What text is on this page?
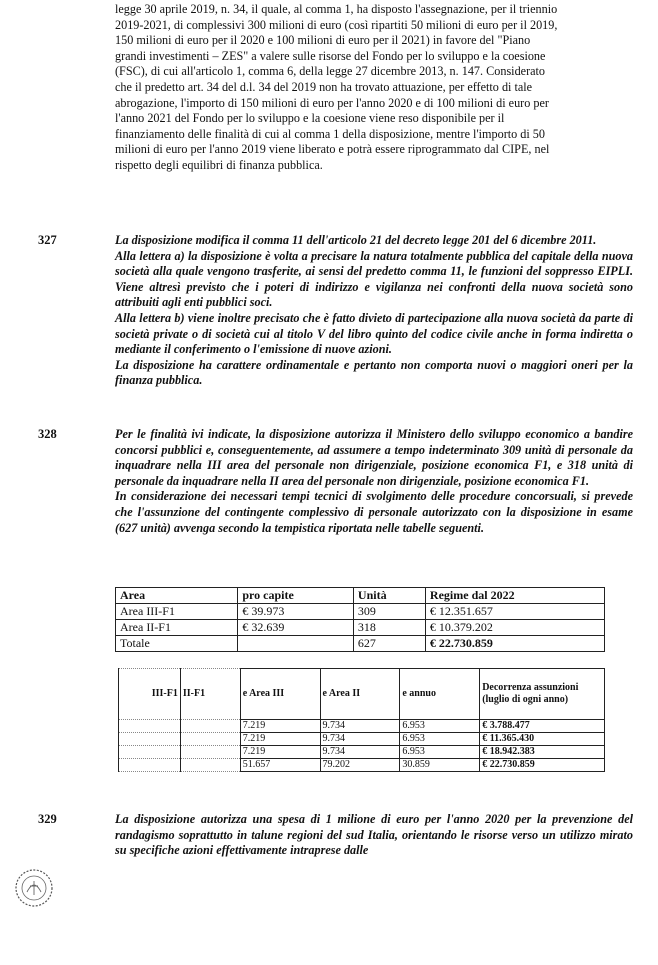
legge 30 aprile 2019, n. 34, il quale, al comma 1, ha disposto l'assegnazione, per il triennio

2019-2021, di complessivi 300 milioni di euro (così ripartiti 50 milioni di euro per il 2019,

150 milioni di euro per il 2020 e 100 milioni di euro per il 2021) in favore del "Piano

grandi investimenti – ZES" a valere sulle risorse del Fondo per lo sviluppo e la coesione

(FSC), di cui all'articolo 1, comma 6, della legge 27 dicembre 2013, n. 147. Considerato

che il predetto art. 34 del d.l. 34 del 2019 non ha trovato attuazione, per effetto di tale

abrogazione, l'importo di 150 milioni di euro per l'anno 2020 e di 100 milioni di euro per

l'anno 2021 del Fondo per lo sviluppo e la coesione viene reso disponibile per il

finanziamento delle finalità di cui al comma 1 della disposizione, mentre l'importo di 50

milioni di euro per l'anno 2019 viene liberato e potrà essere riprogrammato dal CIPE, nel

rispetto degli equilibri di finanza pubblica.

327	La disposizione modifica il comma 11 dell'articolo 21 del decreto legge 201 del 6 dicembre 2011.

Alla lettera a) la disposizione è volta a precisare la natura totalmente pubblica del capitale della nuova società alla quale vengono trasferite, ai sensi del predetto comma 11, le funzioni del soppresso EIPLI. Viene altresì previsto che i poteri di indirizzo e vigilanza nei confronti della nuova società sono attribuiti agli enti pubblici soci.

Alla lettera b) viene inoltre precisato che è fatto divieto di partecipazione alla nuova società da parte di società private o di società cui al titolo V del libro quinto del codice civile anche in forma indiretta o mediante il conferimento o l'emissione di nuove azioni.

La disposizione ha carattere ordinamentale e pertanto non comporta nuovi o maggiori oneri per la finanza pubblica.

328	Per le finalità ivi indicate, la disposizione autorizza il Ministero dello sviluppo economico a bandire concorsi pubblici e, conseguentemente, ad assumere a tempo indeterminato 309 unità di personale da inquadrare nella III area del personale non dirigenziale, posizione economica F1, e 318 unità di personale da inquadrare nella II area del personale non dirigenziale, posizione economica F1.

In considerazione dei necessari tempi tecnici di svolgimento delle procedure concorsuali, si prevede che l'assunzione del contingente complessivo di personale autorizzato con la disposizione in esame (627 unità) avvenga secondo la tempistica riportata nelle tabelle seguenti.

Area	pro capite	Unità	Regime dal 2022
Area III-F1	€ 39.973	309	€ 12.351.657
Area II-F1	€ 32.639	318	€ 10.379.202
Totale		627	€ 22.730.859
III-F1	II-F1	e Area III	e Area II	e annuo	Decorrenza assunzioni (luglio di ogni anno)
		7.219	9.734	6.953	€ 3.788.477
		7.219	9.734	6.953	€ 11.365.430
		7.219	9.734	6.953	€ 18.942.383
		51.657	79.202	30.859	€ 22.730.859
329	La disposizione autorizza una spesa di 1 milione di euro per l'anno 2020 per la prevenzione del randagismo soprattutto in talune regioni del sud Italia, orientando le risorse verso un utilizzo mirato su specifiche azioni effettivamente intraprese dalle
